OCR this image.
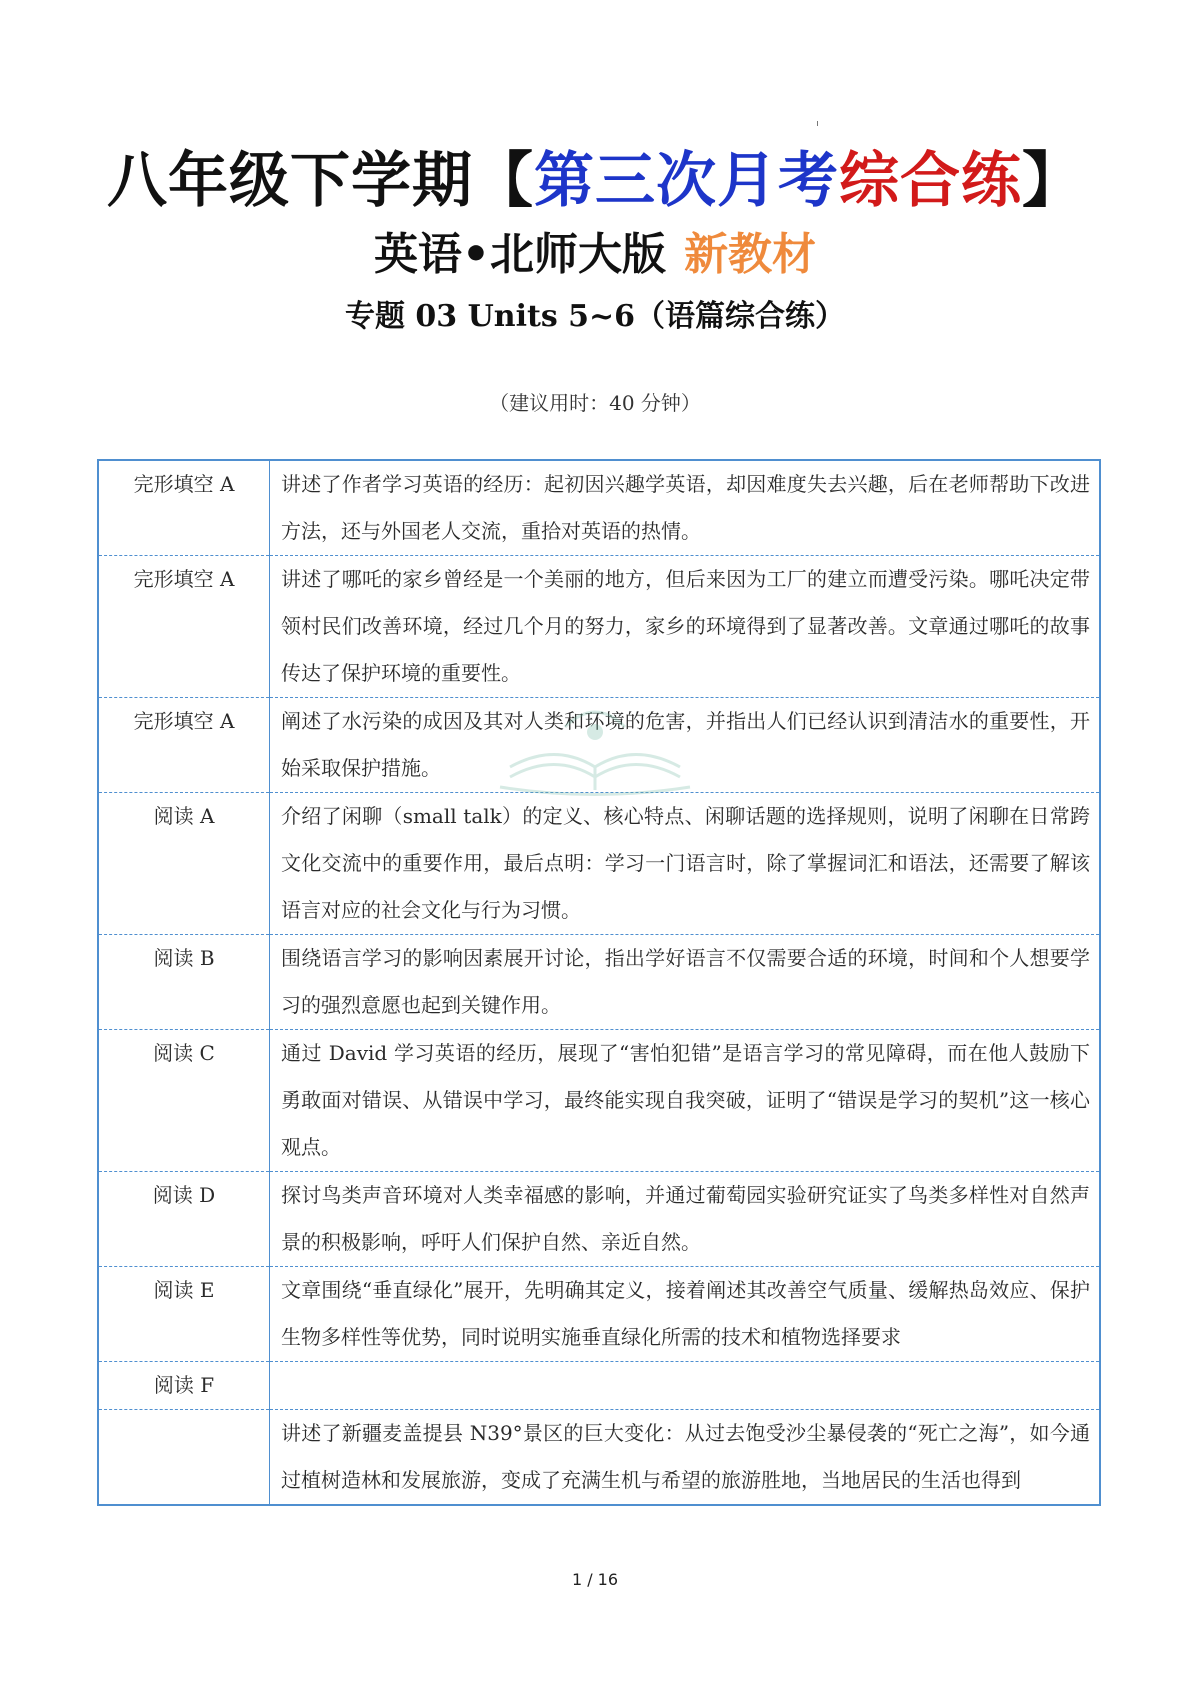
八年级下学期【第三次月考综合练】
英语•北师大版 新教材
专题 03 Units 5~6（语篇综合练）
（建议用时：40 分钟）
完形填空 A	讲述了作者学习英语的经历：起初因兴趣学英语，却因难度失去兴趣，后在老师帮助下改进方法，还与外国老人交流，重拾对英语的热情。
完形填空 A	讲述了哪吒的家乡曾经是一个美丽的地方，但后来因为工厂的建立而遭受污染。哪吒决定带领村民们改善环境，经过几个月的努力，家乡的环境得到了显著改善。文章通过哪吒的故事传达了保护环境的重要性。
完形填空 A	阐述了水污染的成因及其对人类和环境的危害，并指出人们已经认识到清洁水的重要性，开始采取保护措施。
阅读 A	介绍了闲聊（small talk）的定义、核心特点、闲聊话题的选择规则，说明了闲聊在日常跨文化交流中的重要作用，最后点明：学习一门语言时，除了掌握词汇和语法，还需要了解该语言对应的社会文化与行为习惯。
阅读 B	围绕语言学习的影响因素展开讨论，指出学好语言不仅需要合适的环境，时间和个人想要学习的强烈意愿也起到关键作用。
阅读 C	通过 David 学习英语的经历，展现了“害怕犯错”是语言学习的常见障碍，而在他人鼓励下勇敢面对错误、从错误中学习，最终能实现自我突破，证明了“错误是学习的契机”这一核心观点。
阅读 D	探讨鸟类声音环境对人类幸福感的影响，并通过葡萄园实验研究证实了鸟类多样性对自然声景的积极影响，呼吁人们保护自然、亲近自然。
阅读 E	文章围绕“垂直绿化”展开，先明确其定义，接着阐述其改善空气质量、缓解热岛效应、保护生物多样性等优势，同时说明实施垂直绿化所需的技术和植物选择要求
阅读 F	
	讲述了新疆麦盖提县 N39°景区的巨大变化：从过去饱受沙尘暴侵袭的“死亡之海”，如今通过植树造林和发展旅游，变成了充满生机与希望的旅游胜地，当地居民的生活也得到
1 / 16
